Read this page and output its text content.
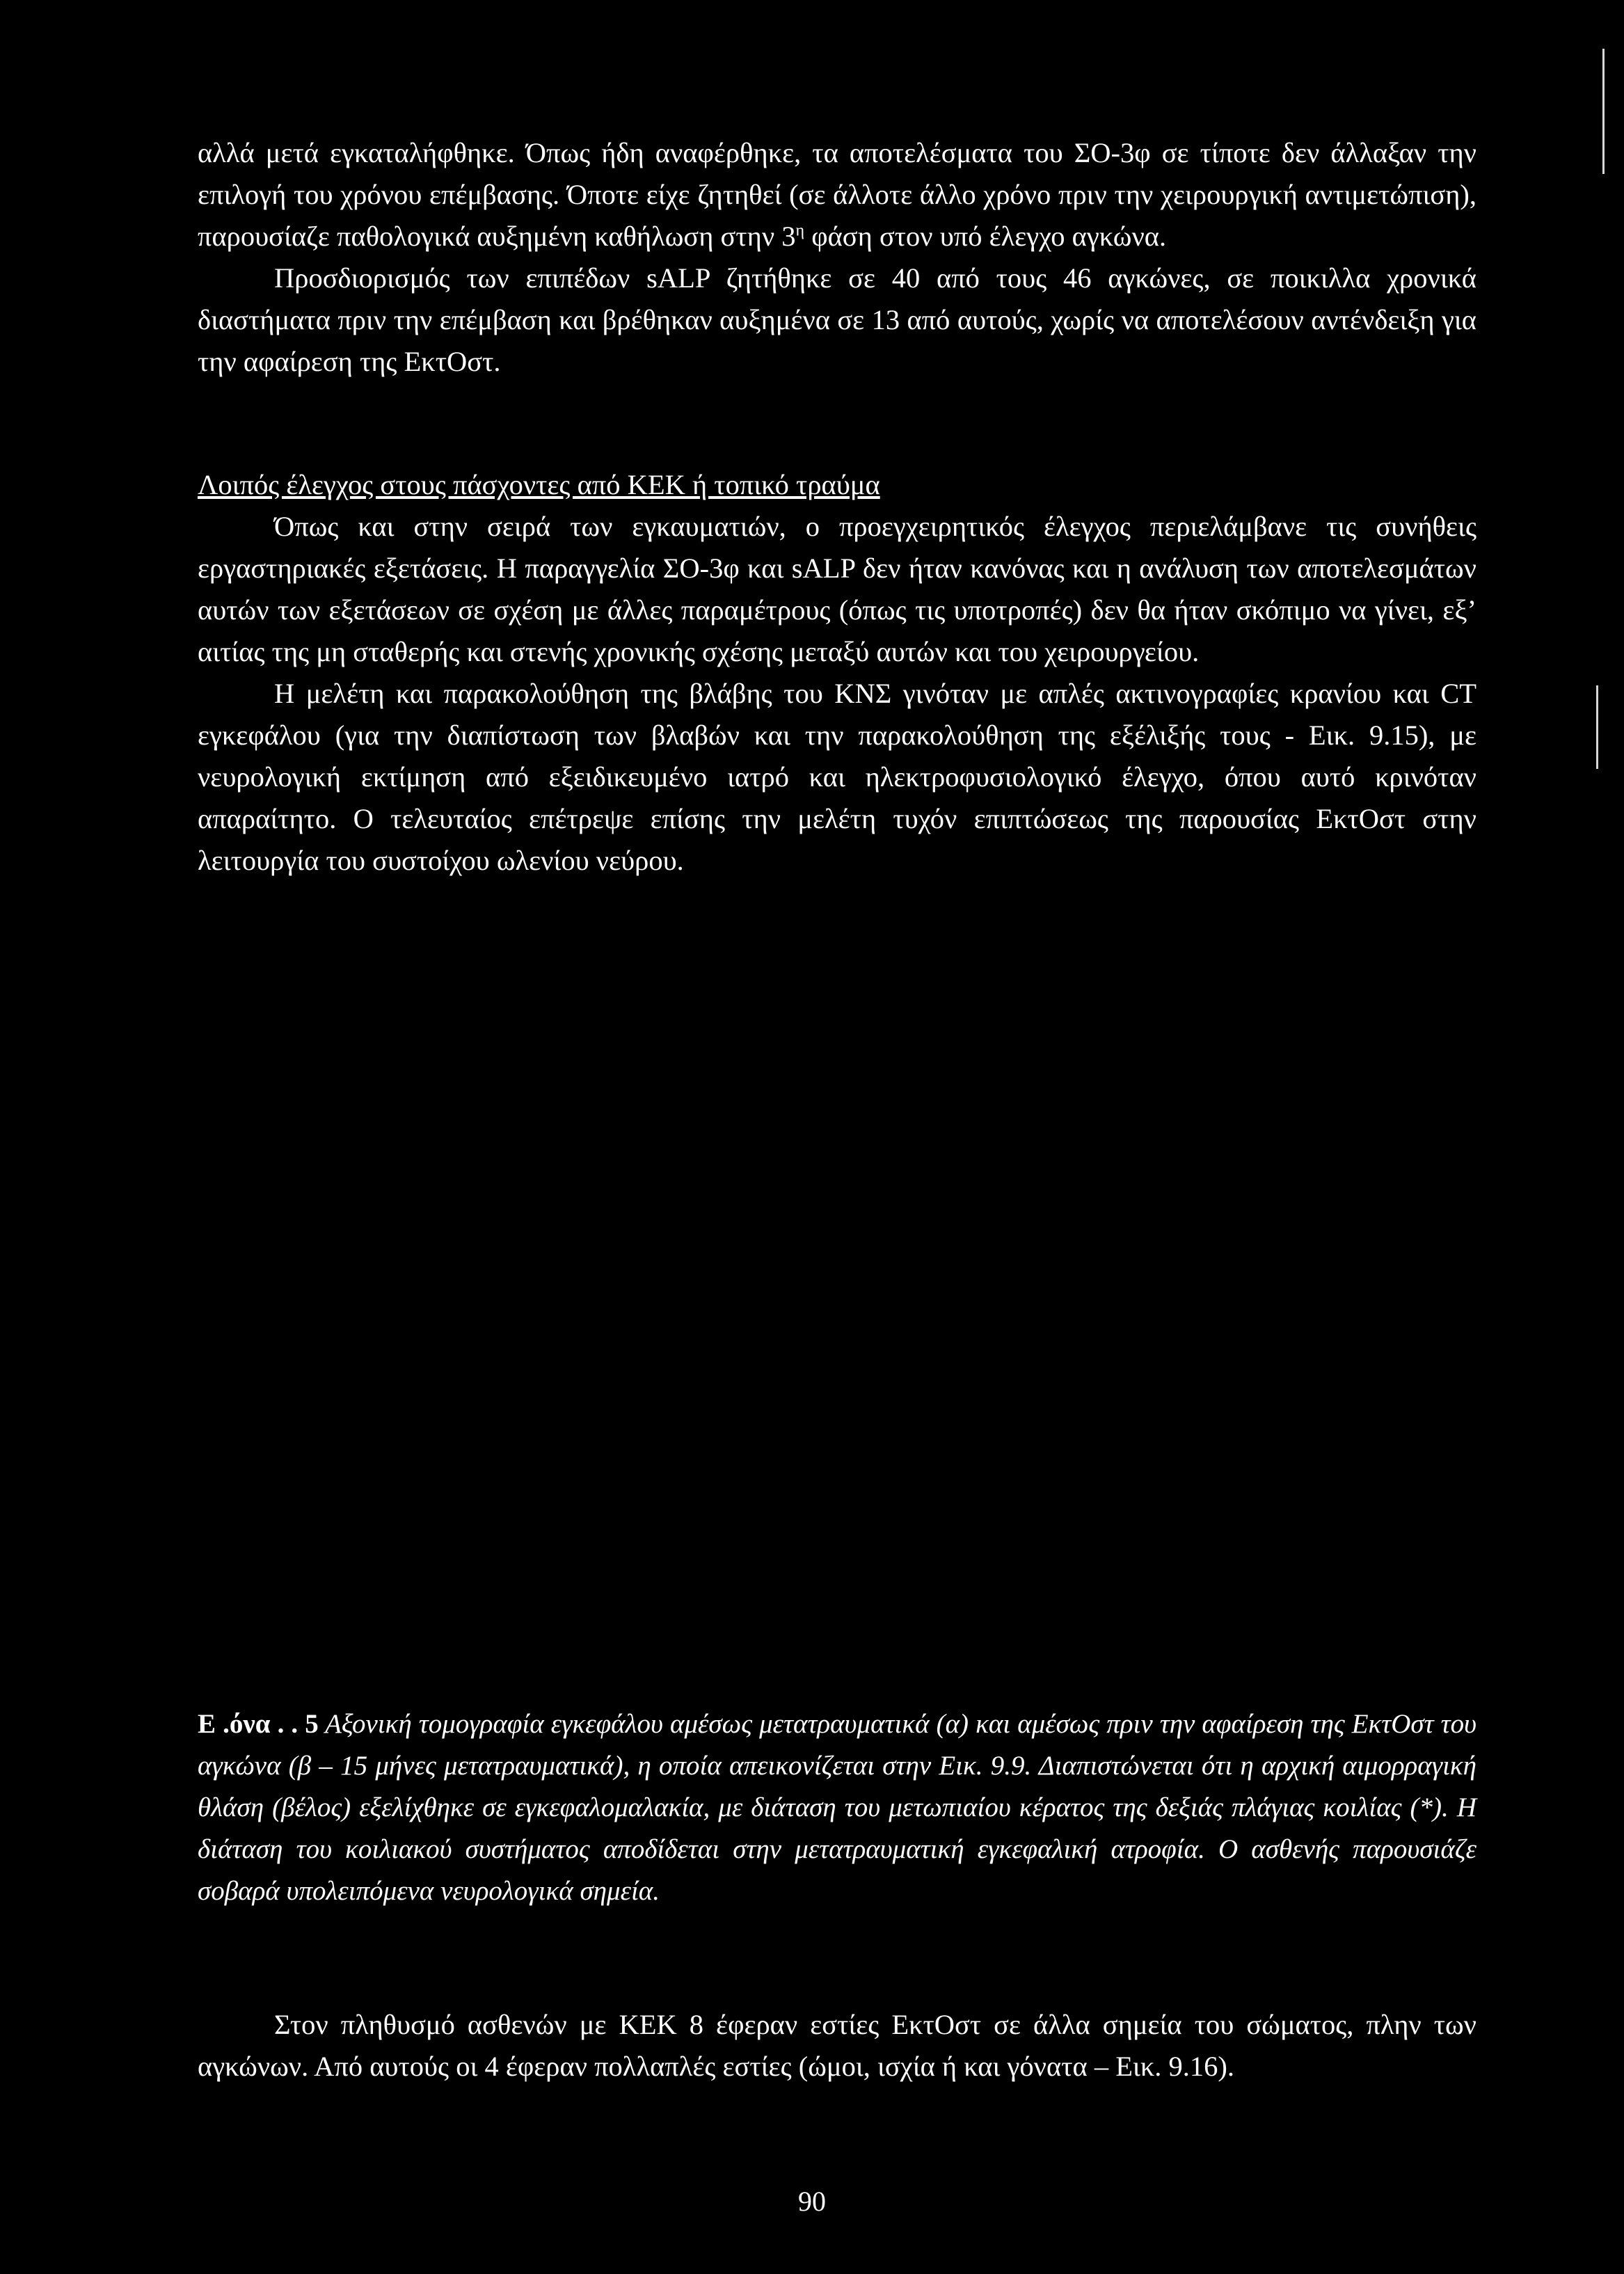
αλλά μετά εγκαταλήφθηκε. Όπως ήδη αναφέρθηκε, τα αποτελέσματα του ΣΟ-3φ σε τίποτε δεν άλλαξαν την επιλογή του χρόνου επέμβασης. Όποτε είχε ζητηθεί (σε άλλοτε άλλο χρόνο πριν την χειρουργική αντιμετώπιση), παρουσίαζε παθολογικά αυξημένη καθήλωση στην $3^\eta$ φάση στον υπό έλεγχο αγκώνα.

Προσδιορισμός των επιπέδων sALP ζητήθηκε σε 40 από τους 46 αγκώνες, σε ποικιλλα χρονικά διαστήματα πριν την επέμβαση και βρέθηκαν αυξημένα σε 13 από αυτούς, χωρίς να αποτελέσουν αντένδειξη για την αφαίρεση της ΕκτΟστ.

Λοιπός έλεγχος στους πάσχοντες από ΚΕΚ ή τοπικό τραύμα

Όπως και στην σειρά των εγκαυματιών, ο προεγχειρητικός έλεγχος περιελάμβανε τις συνήθεις εργαστηριακές εξετάσεις. Η παραγγελία ΣΟ-3φ και sALP δεν ήταν κανόνας και η ανάλυση των αποτελεσμάτων αυτών των εξετάσεων σε σχέση με άλλες παραμέτρους (όπως τις υποτροπές) δεν θα ήταν σκόπιμο να γίνει, εξ’ αιτίας της μη σταθερής και στενής χρονικής σχέσης μεταξύ αυτών και του χειρουργείου.

Η μελέτη και παρακολούθηση της βλάβης του ΚΝΣ γινόταν με απλές ακτινογραφίες κρανίου και CT εγκεφάλου (για την διαπίστωση των βλαβών και την παρακολούθηση της εξέλιξής τους - Εικ. 9.15), με νευρολογική εκτίμηση από εξειδικευμένο ιατρό και ηλεκτροφυσιολογικό έλεγχο, όπου αυτό κρινόταν απαραίτητο. Ο τελευταίος επέτρεψε επίσης την μελέτη τυχόν επιπτώσεως της παρουσίας ΕκτΟστ στην λειτουργία του συστοίχου ωλενίου νεύρου.

Ε .όνα . . 5 Αξονική τομογραφία εγκεφάλου αμέσως μετατραυματικά (α) και αμέσως πριν την αφαίρεση της ΕκτΟστ του αγκώνα (β – 15 μήνες μετατραυματικά), η οποία απεικονίζεται στην Εικ. 9.9. Διαπιστώνεται ότι η αρχική αιμορραγική θλάση (βέλος) εξελίχθηκε σε εγκεφαλομαλακία, με διάταση του μετωπιαίου κέρατος της δεξιάς πλάγιας κοιλίας (*). Η διάταση του κοιλιακού συστήματος αποδίδεται στην μετατραυματική εγκεφαλική ατροφία. Ο ασθενής παρουσιάζε σοβαρά υπολειπόμενα νευρολογικά σημεία.

Στον πληθυσμό ασθενών με ΚΕΚ 8 έφεραν εστίες ΕκτΟστ σε άλλα σημεία του σώματος, πλην των αγκώνων. Από αυτούς οι 4 έφεραν πολλαπλές εστίες (ώμοι, ισχία ή και γόνατα – Εικ. 9.16).

90
